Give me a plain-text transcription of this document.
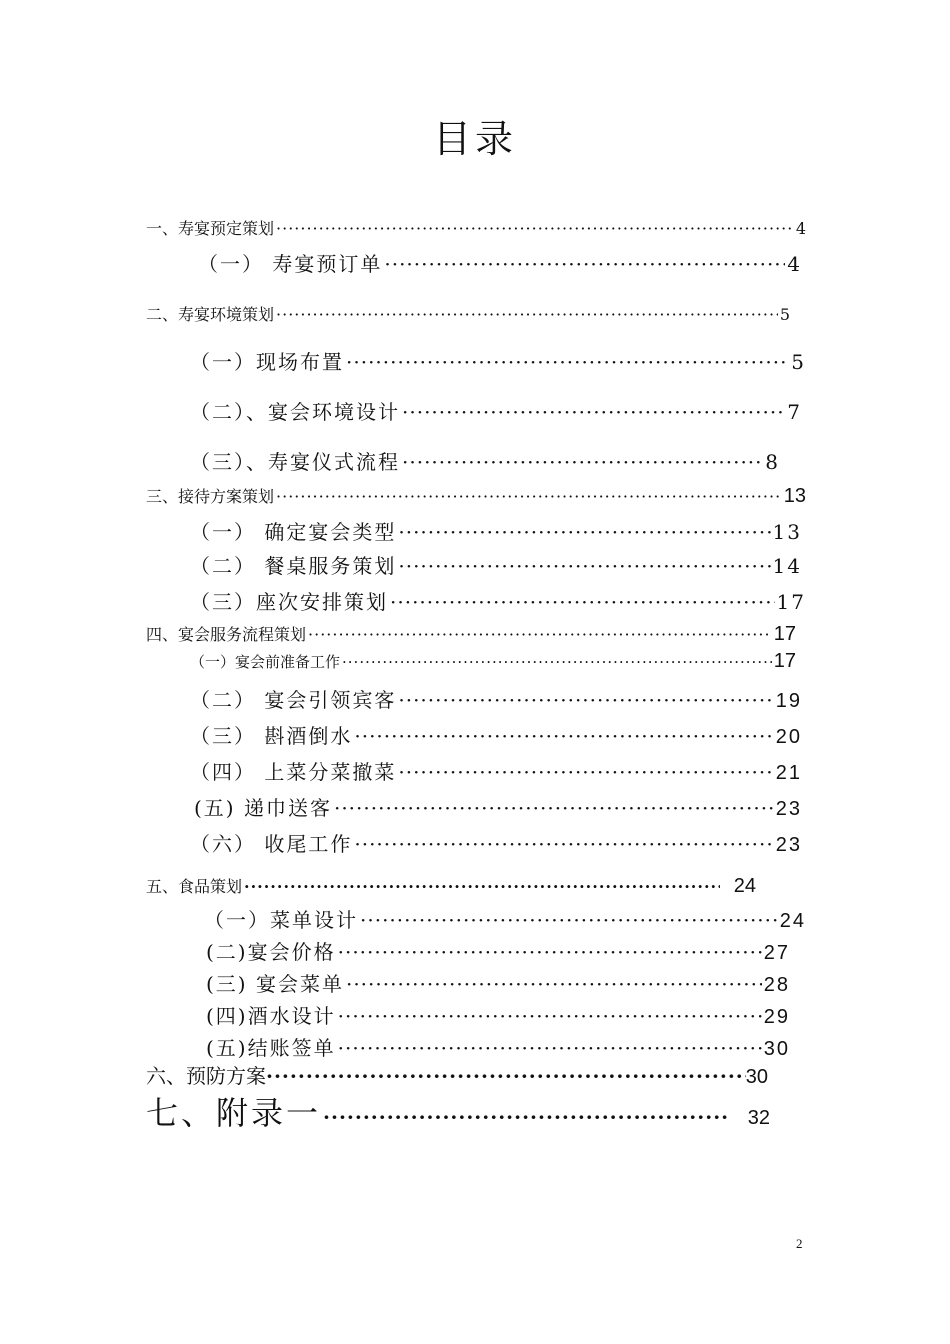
目录
一、寿宴预定策划 ·····	4
（一） 寿宴预订单 ·····	4
二、寿宴环境策划 ·····	5
（一）现场布置 ·····	5
（二）、宴会环境设计 ·····	7
（三）、寿宴仪式流程 ·····	8
三、接待方案策划 ·····	13
（一） 确定宴会类型 ·····	13
（二） 餐桌服务策划 ·····	14
（三）座次安排策划 ·····	17
四、宴会服务流程策划 ·····	17
（一）宴会前准备工作 ·····	17
（二） 宴会引领宾客 ·····	19
（三） 斟酒倒水 ·····	20
（四） 上菜分菜撤菜 ·····	21
(五) 递巾送客 ·····	23
（六） 收尾工作 ·····	23
五、食品策划 ·····	24
（一）菜单设计 ·····	24
(二)宴会价格 ·····	27
(三) 宴会菜单 ·····	28
(四)酒水设计 ·····	29
(五)结账签单 ·····	30
六、预防方案 ·····	30
七、附录一 ·····	32
2
